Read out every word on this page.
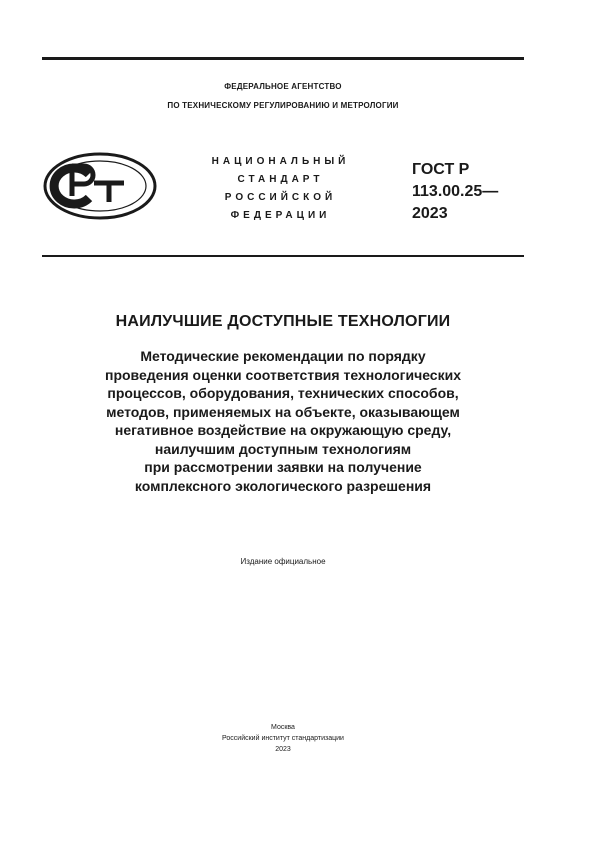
ФЕДЕРАЛЬНОЕ АГЕНТСТВО
ПО ТЕХНИЧЕСКОМУ РЕГУЛИРОВАНИЮ И МЕТРОЛОГИИ
НАЦИОНАЛЬНЫЙ
СТАНДАРТ
РОССИЙСКОЙ
ФЕДЕРАЦИИ
ГОСТ Р
113.00.25—
2023
НАИЛУЧШИЕ ДОСТУПНЫЕ ТЕХНОЛОГИИ
Методические рекомендации по порядку
проведения оценки соответствия технологических
процессов, оборудования, технических способов,
методов, применяемых на объекте, оказывающем
негативное воздействие на окружающую среду,
наилучшим доступным технологиям
при рассмотрении заявки на получение
комплексного экологического разрешения
Издание официальное
Москва
Российский институт стандартизации
2023
